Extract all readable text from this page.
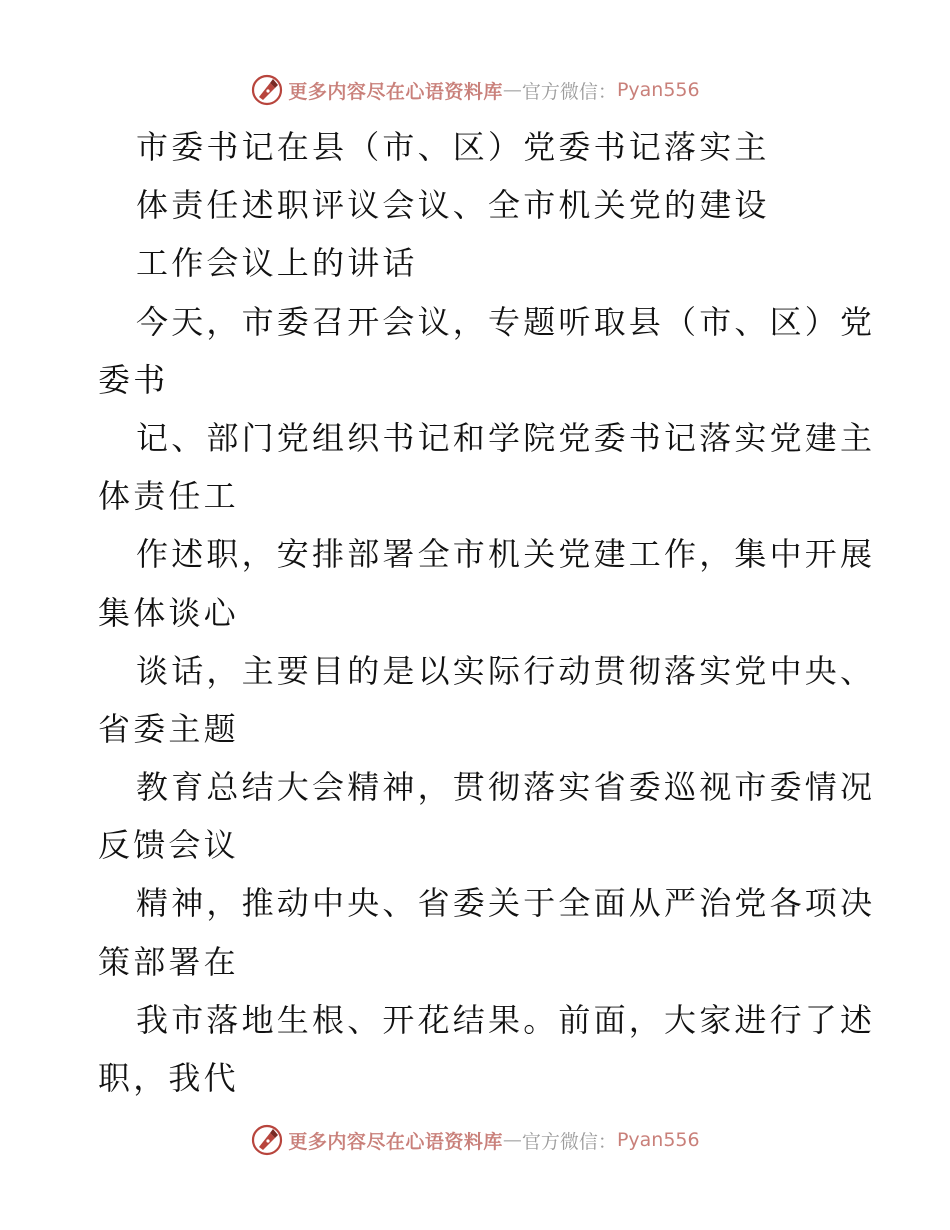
更多内容尽在心语资料库 — 官方微信： Pyan556
市委书记在县（市、区）党委书记落实主
体责任述职评议会议、全市机关党的建设
工作会议上的讲话
今天，市委召开会议，专题听取县（市、区）党
委书
记、部门党组织书记和学院党委书记落实党建主
体责任工
作述职，安排部署全市机关党建工作，集中开展
集体谈心
谈话，主要目的是以实际行动贯彻落实党中央、
省委主题
教育总结大会精神，贯彻落实省委巡视市委情况
反馈会议
精神，推动中央、省委关于全面从严治党各项决
策部署在
我市落地生根、开花结果。前面，大家进行了述
职，我代
更多内容尽在心语资料库 — 官方微信： Pyan556
